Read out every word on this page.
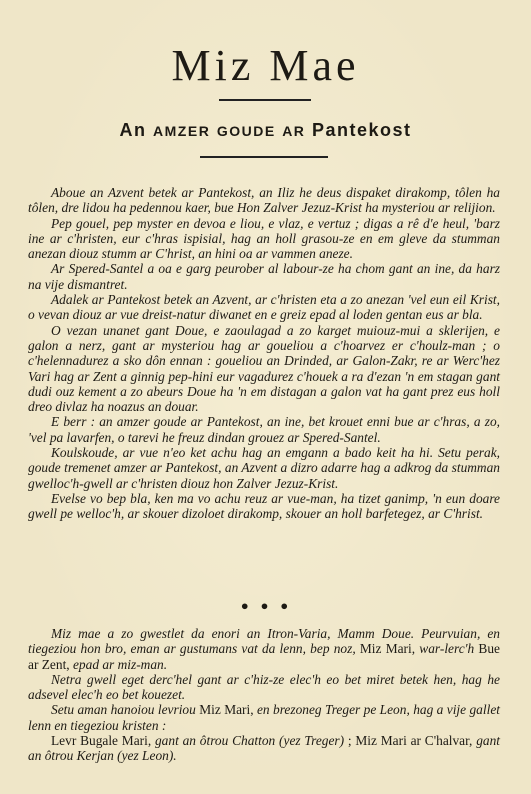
Miz Mae
An AMZER GOUDE AR Pantekost

Aboue an Azvent betek ar Pantekost, an Iliz he deus dispaket dirakomp, tôlen ha tôlen, dre lidou ha pedennou kaer, bue Hon Zalver Jezuz-Krist ha mysteriou ar relijion.

Pep gouel, pep myster en devoa e liou, e vlaz, e vertuz ; digas a rê d'e heul, 'barz ine ar c'hristen, eur c'hras ispisial, hag an holl grasou-ze en em gleve da stumman anezan diouz stumm ar C'hrist, an hini oa ar vammen aneze.

Ar Spered-Santel a oa e garg peurober al labour-ze ha chom gant an ine, da harz na vije dismantret.

Adalek ar Pantekost betek an Azvent, ar c'hristen eta a zo anezan 'vel eun eil Krist, o vevan diouz ar vue dreist-natur diwanet en e greiz epad al loden gentan eus ar bla.

O vezan unanet gant Doue, e zaoulagad a zo karget muiouz-mui a sklerijen, e galon a nerz, gant ar mysteriou hag ar goueliou a c'hoarvez er c'houlz-man ; o c'helennadurez a sko dôn ennan : goueliou an Drinded, ar Galon-Zakr, re ar Werc'hez Vari hag ar Zent a ginnig pep-hini eur vagadurez c'houek a ra d'ezan 'n em stagan gant dudi ouz kement a zo abeurs Doue ha 'n em distagan a galon vat ha gant prez eus holl dreo divlaz ha noazus an douar.

E berr : an amzer goude ar Pantekost, an ine, bet krouet enni bue ar c'hras, a zo, 'vel pa lavarfen, o tarevi he freuz dindan grouez ar Spered-Santel.

Koulskoude, ar vue n'eo ket achu hag an emgann a bado keit ha hi. Setu perak, goude tremenet amzer ar Pantekost, an Azvent a dizro adarre hag a adkrog da stumman gwelloc'h-gwell ar c'hristen diouz hon Zalver Jezuz-Krist.

Evelse vo bep bla, ken ma vo achu reuz ar vue-man, ha tizet ganimp, 'n eun doare gwell pe welloc'h, ar skouer dizoloet dirakomp, skouer an holl barfetegez, ar C'hrist.

• • •

Miz mae a zo gwestlet da enori an Itron-Varia, Mamm Doue. Peurvuian, en tiegeziou hon bro, eman ar gustumans vat da lenn, bep noz, Miz Mari, war-lerc'h Bue ar Zent, epad ar miz-man.

Netra gwell eget derc'hel gant ar c'hiz-ze elec'h eo bet miret betek hen, hag he adsevel elec'h eo bet kouezet.

Setu aman hanoiou levriou Miz Mari, en brezoneg Treger pe Leon, hag a vije gallet lenn en tiegeziou kristen :

Levr Bugale Mari, gant an ôtrou Chatton (yez Treger) ; Miz Mari ar C'halvar, gant an ôtrou Kerjan (yez Leon).
